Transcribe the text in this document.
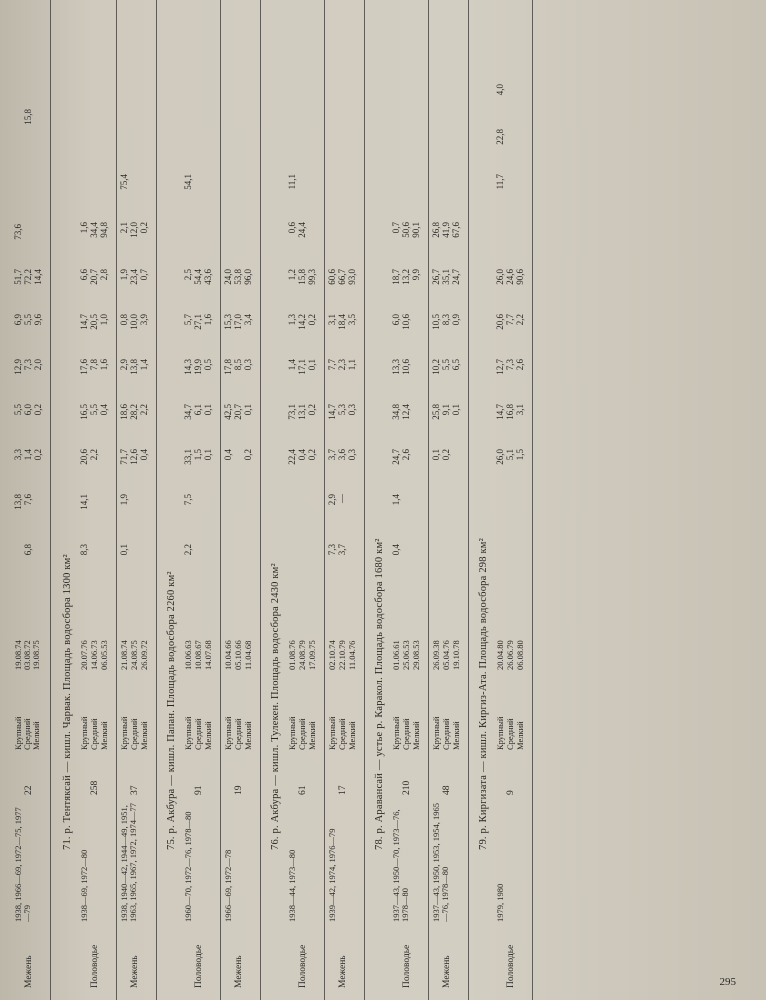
Межень
1938, 1966—69, 1972—75, 1977—79
22
Крупный Средний Мелкий
19.08.74 03.08.72 19.08.75
6,8
13,8 7,6
3,3 1,4 0,2
5,5 6,0 0,2
12,9 7,3 2,0
6,9 5,5 9,6
51,7 72,2 14,4
73,6
15,8
71. р. Тентяксай — кишл. Чарвак. Площадь водосбора 1300 км²
Половодье
1938—69, 1972—80
258
Крупный Средний Мелкий
20.07.76 14.06.73 06.05.53
8,3
14,1
20,6 2,2
16,5 5,5 0,4
17,6 7,8 1,6
14,7 20,5 1,0
6,6 20,7 2,8
1,6 34,4 94,8
Межень
1938, 1940—42, 1944—49, 1951, 1963, 1965, 1967, 1972, 1974—77
37
Крупный Средний Мелкий
21.08.74 24.08.75 26.09.72
0,1
1,9
71,7 12,6 0,4
18,6 28,2 2,2
2,9 13,8 1,4
0,8 10,0 3,9
1,9 23,4 0,7
2,1 12,0 0,2
75,4
75. р. Акбура — кишл. Папан. Площадь водосбора 2260 км²
Половодье
1960—70, 1972—76, 1978—80
91
Крупный Средний Мелкий
10.06.63 10.08.67 14.07.68
2,2
7,5
33,1 1,5 0,1
34,7 6,1 0,1
14,3 19,9 0,5
5,7 27,1 1,6
2,5 54,4 43,6
54,1
Межень
1966—69, 1972—78
19
Крупный Средний Мелкий
10.04.66 05.10.66 11.04.68
0,4 0,2
42,5 20,7 0,1
17,8 8,5 0,3
15,3 17,0 3,4
24,0 53,8 96,0
76. р. Акбура — кишл. Тулекен. Площадь водосбора 2430 км²
Половодье
1938—44, 1973—80
61
Крупный Средний Мелкий
01.08.76 24.08.79 17.09.75
22,4 0,4 0,2
73,1 13,1 0,2
1,4 17,1 0,1
1,3 14,2 0,2
1,2 15,8 99,3
0,6 24,4
11,1
Межень
1939—42, 1974, 1976—79
17
Крупный Средний Мелкий
02.10.74 22.10.79 11.04.76
7,3 3,7
2,9 —
3,7 3,6 0,3
14,7 5,3 0,3
7,7 2,3 1,1
3,1 18,4 3,5
60,6 66,7 93,0
78. р. Аравансай — устье р. Каракол. Площадь водосбора 1680 км²
Половодье
1937—43, 1950—70, 1973—76, 1978—80
210
Крупный Средний Мелкий
01.06.61 25.06.53 29.08.53
0,4
1,4
24,7 2,6
34,8 12,4
13,3 10,6
6,0 10,6
18,7 13,2 9,9
0,7 50,6 90,1
Межень
1937—43, 1950, 1953, 1954, 1965—76, 1978—80
48
Крупный Средний Мелкий
26.09.38 05.04.76 19.10.78
0,1 0,2
25,8 9,1 0,1
10,2 5,5 6,5
10,5 8,3 0,9
26,7 35,1 24,7
26,8 41,9 67,6
79. р. Киргизата — кишл. Киргиз-Ата. Площадь водосбора 298 км²
Половодье
1979, 1980
9
Крупный Средний Мелкий
20.04.80 26.06.79 06.08.80
26,0 5,1 1,5
14,7 16,8 3,1
12,7 7,3 2,6
20,6 7,7 2,2
26,0 24,6 90,6
11,7
22,8
4,0
295
